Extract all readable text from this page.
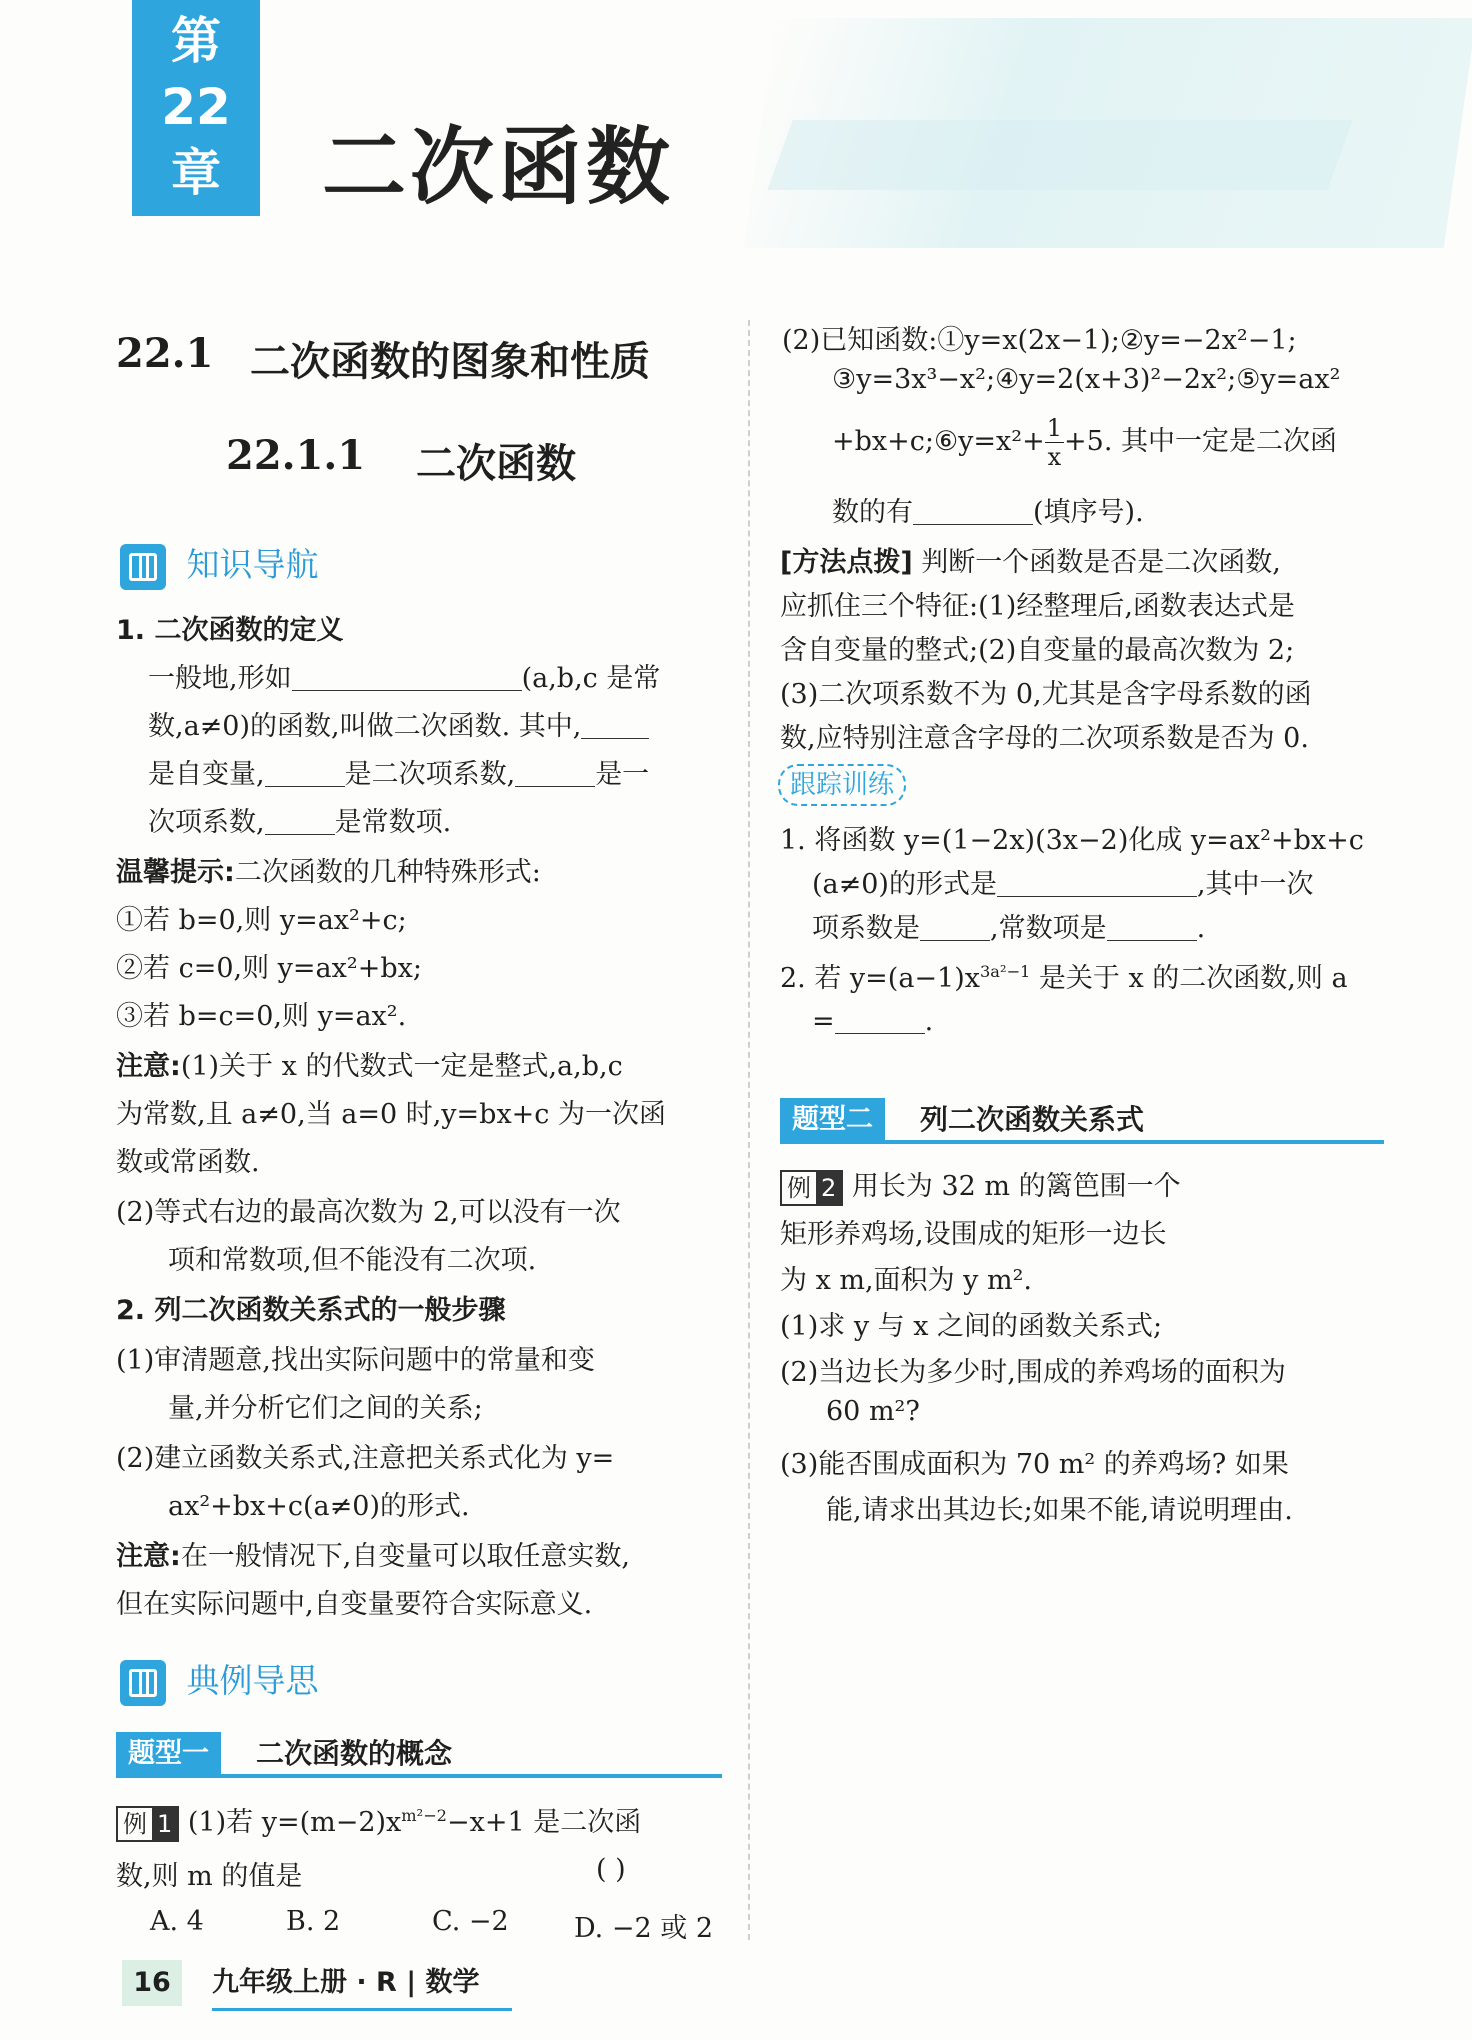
第
22
章	二次函数
22.1 二次函数的图象和性质
22.1.1 二次函数
知识导航
1. 二次函数的定义
一般地,形如	(a,b,c 是常
数,a≠0)的函数,叫做二次函数. 其中,
是自变量,	是二次项系数,	是一
次项系数,	是常数项.
温馨提示:二次函数的几种特殊形式:
①若 b=0,则 y=ax²+c;
②若 c=0,则 y=ax²+bx;
③若 b=c=0,则 y=ax².
注意:(1)关于 x 的代数式一定是整式,a,b,c
为常数,且 a≠0,当 a=0 时,y=bx+c 为一次函
数或常函数.
(2)等式右边的最高次数为 2,可以没有一次
项和常数项,但不能没有二次项.
2. 列二次函数关系式的一般步骤
(1)审清题意,找出实际问题中的常量和变
量,并分析它们之间的关系;
(2)建立函数关系式,注意把关系式化为 y=
ax²+bx+c(a≠0)的形式.
注意:在一般情况下,自变量可以取任意实数,
但在实际问题中,自变量要符合实际意义.
典例导思
题型一	二次函数的概念
例 1 (1)若 $y=(m-2)x^{m^2-2}-x+1$ 是二次函
数,则 m 的值是	( )
A. 4	B. 2	C. −2 D. −2 或 2
(2)已知函数:①y=x(2x−1);②y=−2x²−1;
③y=3x³−x²;④y=2(x+3)²−2x²;⑤y=ax²
+bx+c;⑥y=x²+ $\frac{1}{x} +5$. 其中一定是二次函
数的有	(填序号).
[方法点拨] 判断一个函数是否是二次函数,
应抓住三个特征:(1)经整理后,函数表达式是
含自变量的整式;(2)自变量的最高次数为 2;
(3)二次项系数不为 0,尤其是含字母系数的函
数,应特别注意含字母的二次项系数是否为 0.
跟踪训练
1. 将函数 y=(1−2x)(3x−2)化成 y=ax²+bx+c
(a≠0)的形式是	,其中一次
项系数是	,常数项是	.
2. 若 $y=(a-1)x^{3a^2-1}$ 是关于 x 的二次函数,则 a
=	.
题型二	列二次函数关系式
例 2 用长为 32 m 的篱笆围一个
矩形养鸡场,设围成的矩形一边长
为 x m,面积为 y m².
(1)求 y 与 x 之间的函数关系式;
(2)当边长为多少时,围成的养鸡场的面积为
60 m²?
(3)能否围成面积为 70 m² 的养鸡场? 如果
能,请求出其边长;如果不能,请说明理由.
16	九年级上册 · R | 数学
